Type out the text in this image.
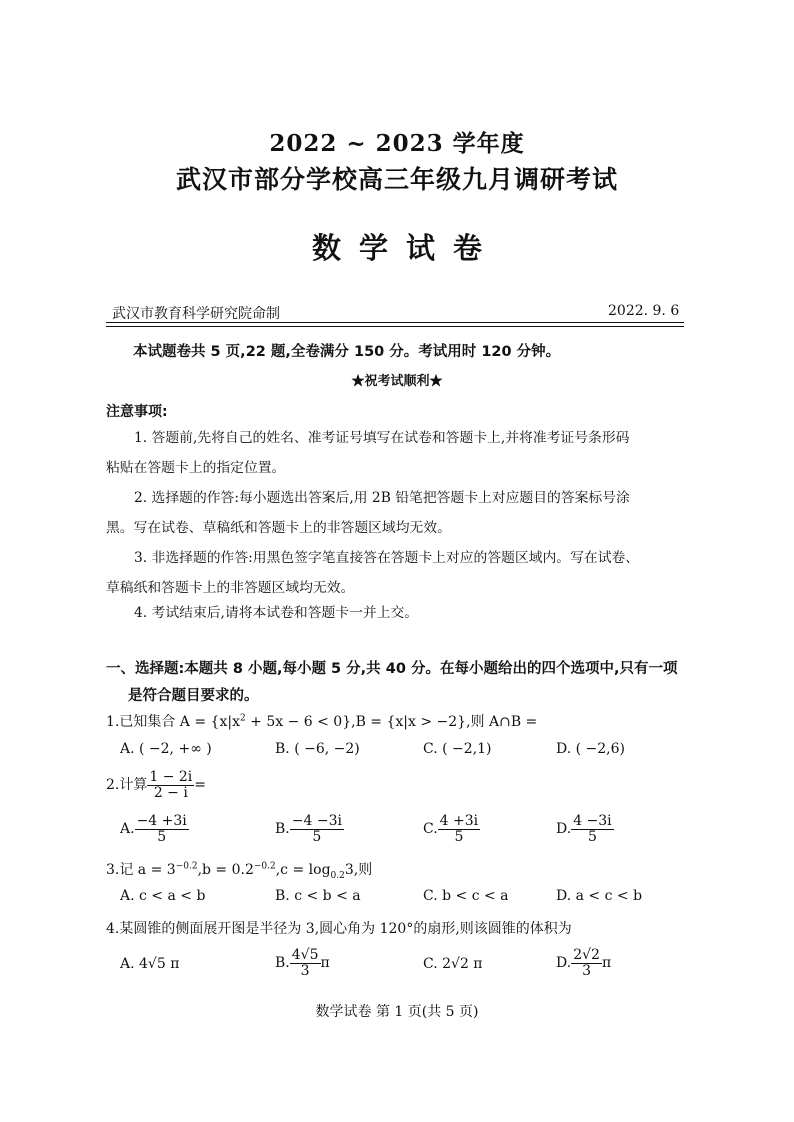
2022 ~ 2023 学年度
武汉市部分学校高三年级九月调研考试
数学试卷
武汉市教育科学研究院命制	2022. 9. 6
本试题卷共 5 页,22 题,全卷满分 150 分。考试用时 120 分钟。
★祝考试顺利★
注意事项:
1. 答题前,先将自己的姓名、准考证号填写在试卷和答题卡上,并将准考证号条形码
粘贴在答题卡上的指定位置。
2. 选择题的作答:每小题选出答案后,用 2B 铅笔把答题卡上对应题目的答案标号涂
黑。写在试卷、草稿纸和答题卡上的非答题区域均无效。
3. 非选择题的作答:用黑色签字笔直接答在答题卡上对应的答题区域内。写在试卷、
草稿纸和答题卡上的非答题区域均无效。
4. 考试结束后,请将本试卷和答题卡一并上交。
一、选择题:本题共 8 小题,每小题 5 分,共 40 分。在每小题给出的四个选项中,只有一项
是符合题目要求的。
1.已知集合 $A = \{x|x^2 + 5x - 6 < 0\},B = \{x|x > -2\}$,则 A∩B =
A. ( −2, +∞ )	B. ( −6, −2)	C. ( −2,1)	D. ( −2,6)
2.计算 $\frac{1 - 2i}{2 - i}$ =
A. $\frac{-4 +3i}{5}$	B. $\frac{-4 -3i}{5}$	C. $\frac{4 +3i}{5}$	D. $\frac{4 -3i}{5}$
3.记 $a = 3^{-0.2},b = 0.2^{-0.2},c = \log_{0.2}3$,则
A. c < a < b	B. c < b < a	C. b < c < a	D. a < c < b
4.某圆锥的侧面展开图是半径为 3,圆心角为 120°的扇形,则该圆锥的体积为
A. 4√5 π	B. $\frac{4√5}{3}$ π	C. 2√2 π	D. $\frac{2√2}{3}$ π
数学试卷 第 1 页(共 5 页)
